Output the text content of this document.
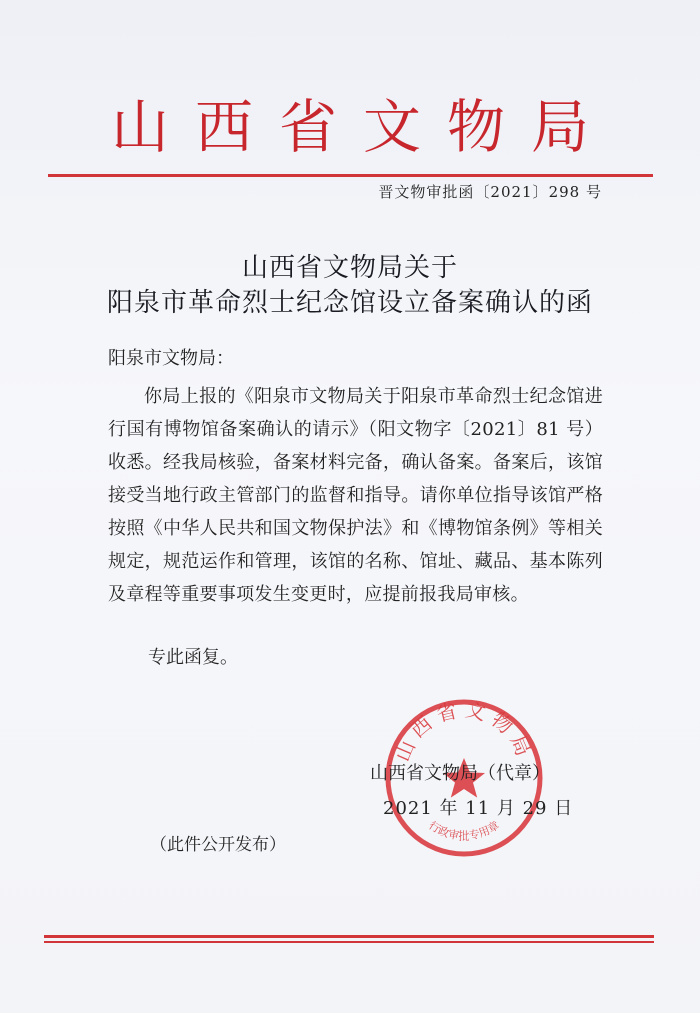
山西省文物局
晋文物审批函〔2021〕298 号
山西省文物局关于
阳泉市革命烈士纪念馆设立备案确认的函
阳泉市文物局：
你局上报的《阳泉市文物局关于阳泉市革命烈士纪念馆进行国有博物馆备案确认的请示》（阳文物字〔2021〕81 号）收悉。经我局核验，备案材料完备，确认备案。备案后，该馆接受当地行政主管部门的监督和指导。请你单位指导该馆严格按照《中华人民共和国文物保护法》和《博物馆条例》等相关规定，规范运作和管理，该馆的名称、馆址、藏品、基本陈列及章程等重要事项发生变更时，应提前报我局审核。
专此函复。
山西省文物局
行政审批专用章
山西省文物局（代章）
2021 年 11 月 29 日
（此件公开发布）
